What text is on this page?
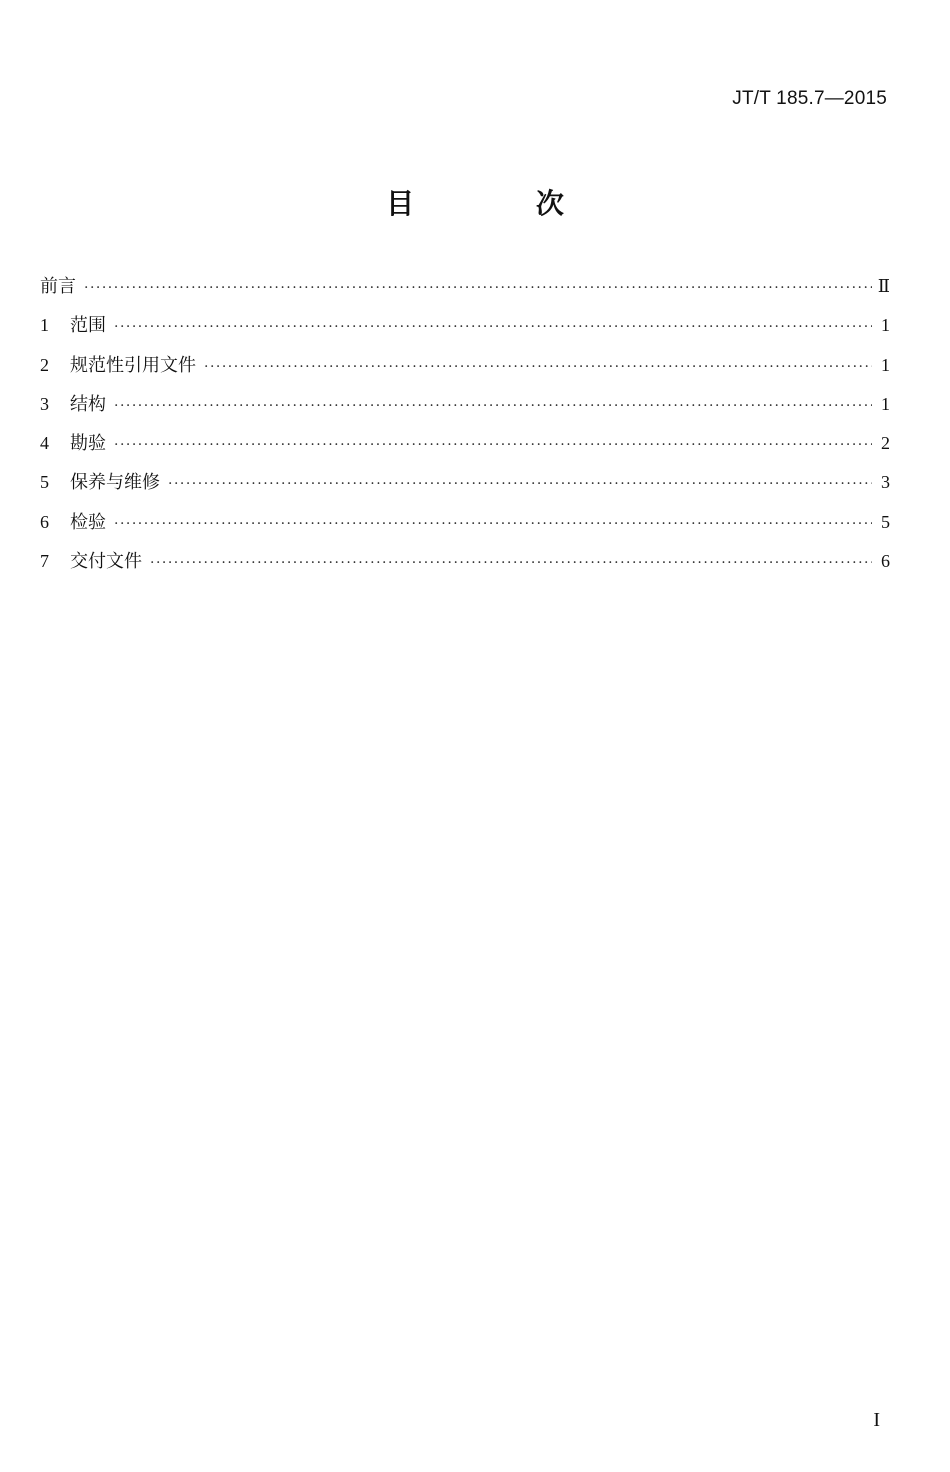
JT/T 185.7—2015
目 次
前言 ·····	Ⅱ
1	范围 ·····	1
2	规范性引用文件 ·····	1
3	结构 ·····	1
4	勘验 ·····	2
5	保养与维修 ·····	3
6	检验 ·····	5
7	交付文件 ·····	6
I
